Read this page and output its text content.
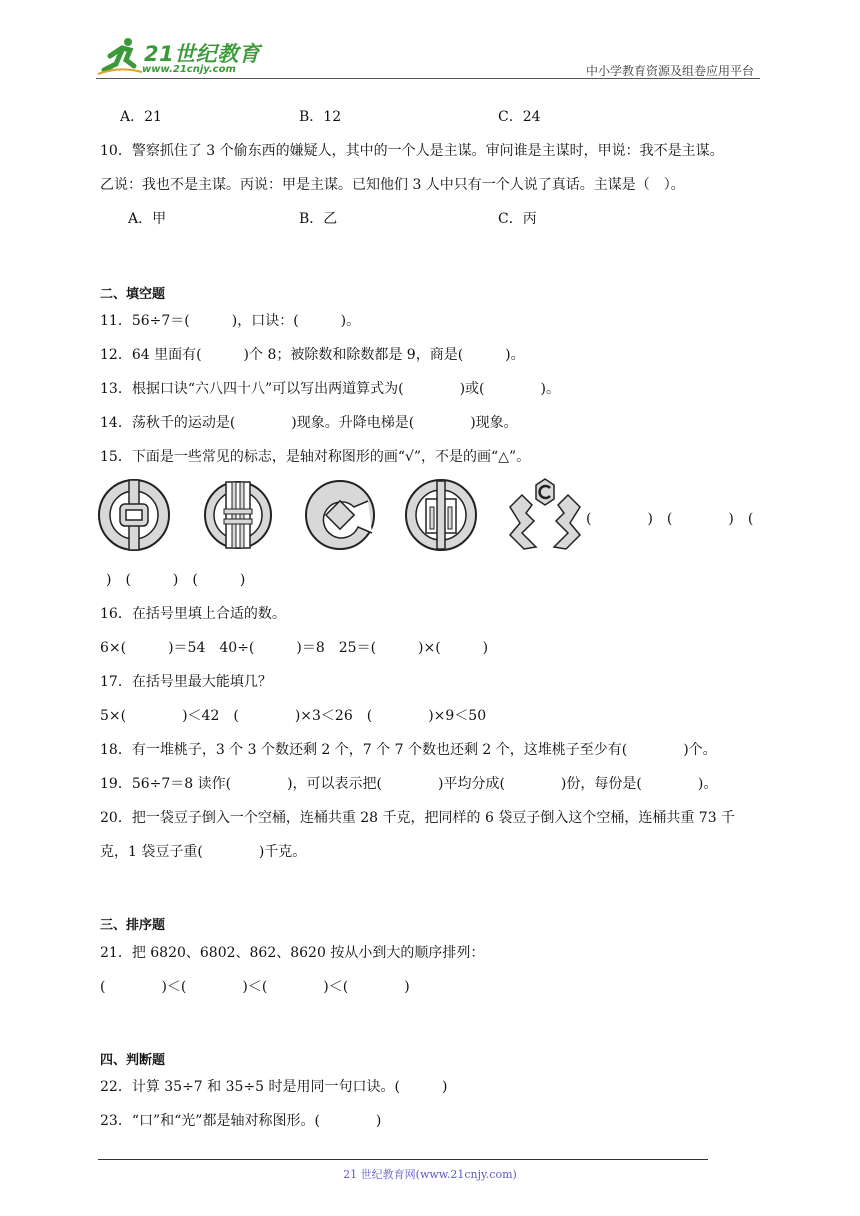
21世纪教育
www.21cnjy.com	中小学教育资源及组卷应用平台
A．21	B．12	C．24
10．警察抓住了 3 个偷东西的嫌疑人，其中的一个人是主谋。审问谁是主谋时，甲说：我不是主谋。
乙说：我也不是主谋。丙说：甲是主谋。已知他们 3 人中只有一个人说了真话。主谋是（　）。
A．甲	B．乙	C．丙
二、填空题
11．56÷7＝(　　　)，口诀：(　　　)。
12．64 里面有(　　　)个 8；被除数和除数都是 9，商是(　　　)。
13．根据口诀“六八四十八”可以写出两道算式为(　　　　)或(　　　　)。
14．荡秋千的运动是(　　　　)现象。升降电梯是(　　　　)现象。
15．下面是一些常见的标志，是轴对称图形的画“√”，不是的画“△”。
(　　　　)　(　　　　)　(
)　(　　　)　(　　　)
16．在括号里填上合适的数。
6×(　　　)＝54　40÷(　　　)＝8　25＝(　　　)×(　　　)
17．在括号里最大能填几？
5×(　　　　)＜42　(　　　　)×3＜26　(　　　　)×9＜50
18．有一堆桃子，3 个 3 个数还剩 2 个，7 个 7 个数也还剩 2 个，这堆桃子至少有(　　　　)个。
19．56÷7＝8 读作(　　　　)，可以表示把(　　　　)平均分成(　　　　)份，每份是(　　　　)。
20．把一袋豆子倒入一个空桶，连桶共重 28 千克，把同样的 6 袋豆子倒入这个空桶，连桶共重 73 千
克，1 袋豆子重(　　　　)千克。
三、排序题
21．把 6820、6802、862、8620 按从小到大的顺序排列：
(　　　　)＜(　　　　)＜(　　　　)＜(　　　　)
四、判断题
22．计算 35÷7 和 35÷5 时是用同一句口诀。(　　　)
23．“口”和“光”都是轴对称图形。(　　　　)
21 世纪教育网(www.21cnjy.com)
